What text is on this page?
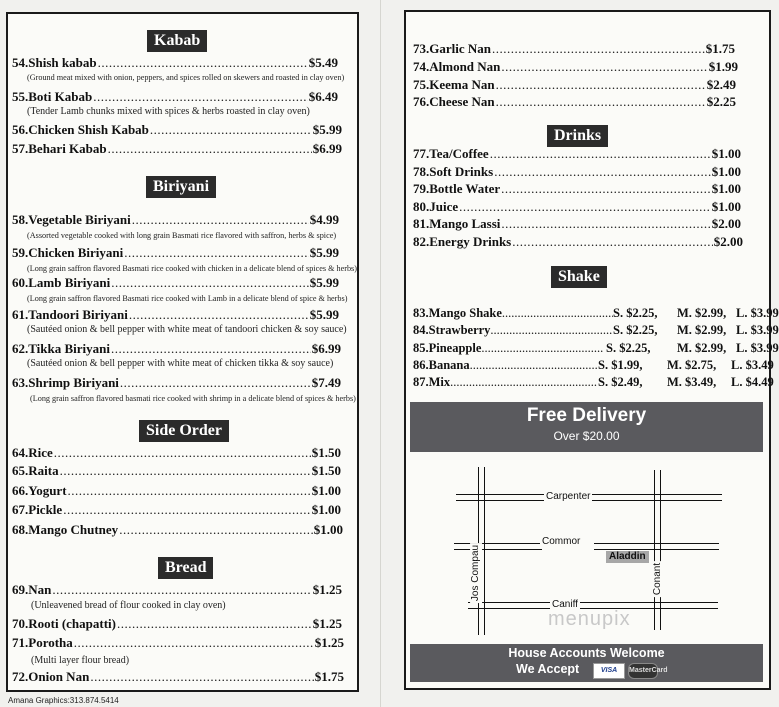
Kabab
54.Shish kabab .....	$5.49
(Ground meat mixed with onion, peppers, and spices rolled on skewers and roasted in clay oven)
55.Boti Kabab .....	$6.49
(Tender Lamb chunks mixed with spices & herbs roasted in clay oven)
56.Chicken Shish Kabab .....	$5.99
57.Behari Kabab .....	$6.99
Biriyani
58.Vegetable Biriyani .....	$4.99
(Assorted vegetable cooked with long grain Basmati rice flavored with saffron, herbs & spice)
59.Chicken Biriyani .....	$5.99
(Long grain saffron flavored Basmati rice cooked with chicken in a delicate blend of spices & herbs)
60.Lamb Biriyani .....	$5.99
(Long grain saffron flavored Basmati rice cooked with Lamb in a delicate blend of spice & herbs)
61.Tandoori Biriyani .....	$5.99
(Sautéed onion & bell pepper with white meat of tandoori chicken & soy sauce)
62.Tikka Biriyani .....	$6.99
(Sautéed onion & bell pepper with white meat of chicken tikka & soy sauce)
63.Shrimp Biriyani .....	$7.49
(Long grain saffron flavored basmati rice cooked with shrimp in a delicate blend of spices & herbs)
Side Order
64.Rice .....	$1.50
65.Raita .....	$1.50
66.Yogurt .....	$1.00
67.Pickle .....	$1.00
68.Mango Chutney .....	$1.00
Bread
69.Nan .....	$1.25
(Unleavened bread of flour cooked in clay oven)
70.Rooti (chapatti) .....	$1.25
71.Porotha .....	$1.25
(Multi layer flour bread)
72.Onion Nan .....	$1.75
Amana Graphics:313.874.5414
73.Garlic Nan .....	$1.75
74.Almond Nan .....	$1.99
75.Keema Nan .....	$2.49
76.Cheese Nan .....	$2.25
Drinks
77.Tea/Coffee .....	$1.00
78.Soft Drinks .....	$1.00
79.Bottle Water .....	$1.00
80.Juice .....	$1.00
81.Mango Lassi .....	$2.00
82.Energy Drinks .....	$2.00
Shake
83.Mango Shake .....	S. $2.25, M. $2.99, L. $3.99
84.Strawberry .....	S. $2.25, M. $2.99, L. $3.99
85.Pineapple .....	S. $2.25, M. $2.99, L. $3.99
86.Banana .....	S. $1.99, M. $2.75, L. $3.49
87.Mix .....	S. $2.49, M. $3.49, L. $4.49
Free Delivery
Over $20.00
Carpenter
Commor
Caniff
Jos Compau	Conant
Aladdin
menupix
House Accounts Welcome
We Accept	VISA	MasterCard
